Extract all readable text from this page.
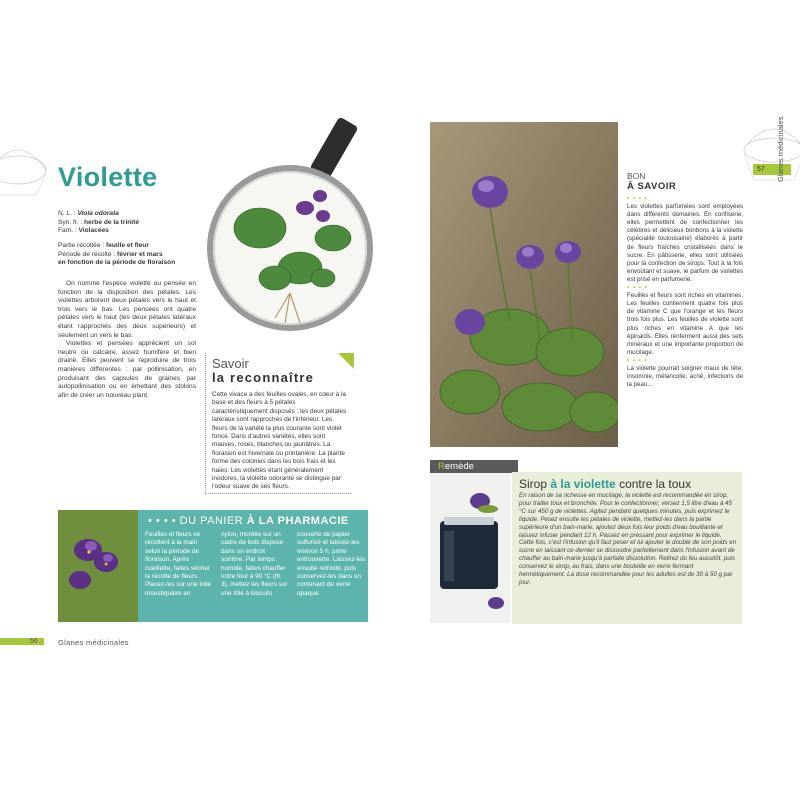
Violette
N. L. : Viola odorata
Syn. fr. : herbe de la trinité
Fam. : Violacées
Partie récoltée : feuille et fleur
Période de récolte : février et mars
en fonction de la période de floraison

On nomme l'espèce violette ou pensée en fonction de la disposition des pétales. Les violettes arborent deux pétales vers le haut et trois vers le bas. Les pensées ont quatre pétales vers le haut (les deux pétales latéraux étant rapprochés des deux supérieurs) et seulement un vers le bas.

Violettes et pensées apprécient un sol neutre ou calcaire, assez humifère et bien drainé. Elles peuvent se reproduire de trois manières différentes : par pollinisation, en produisant des capsules de graines par autopollinisation ou en émettant des stolons afin de créer un nouveau plant.

Savoir
la reconnaître
Cette vivace a des feuilles ovales, en cœur à la base et des fleurs à 5 pétales caractéristiquement disposés : les deux pétales latéraux sont rapprochés de l'inférieur. Les fleurs de la variété la plus courante sont violet foncé. Dans d'autres variétés, elles sont mauves, roses, blanches ou jaunâtres. La floraison est hivernale ou printanière. La plante forme des colonies dans les bois frais et les haies. Les violettes étant généralement inodores, la violette odorante se distingue par l'odeur suave de ses fleurs.
• • • • DU PANIER À LA PHARMACIE
Feuilles et fleurs se récoltent à la main selon la période de floraison. Après cueillette, faites sécher la récolte de fleurs. Placez-les sur une toile moustiquaire en
nylon, montée sur un cadre de bois disposé dans un endroit sombre. Par temps humide, faites chauffer votre four à 90 °C (th. 3), mettez les fleurs sur une tôle à biscuits
couverte de papier sulfurisé et laissez-les environ 5 h, porte entrouverte. Laissez-les ensuite refroidir, puis conservez-les dans un contenant de verre opaque.
56	Glanes médicinales
BON
À SAVOIR
• • • •
Les violettes parfumées sont employées dans différents domaines. En confiserie, elles permettent de confectionner les célèbres et délicieux bonbons à la violette (spécialité toulousaine) élaborés à partir de fleurs fraîches cristallisées dans le sucre. En pâtisserie, elles sont utilisées pour la confection de sirops. Tout à la fois envoûtant et suave, le parfum de violettes est prisé en parfumerie.
• • • •
Feuilles et fleurs sont riches en vitamines. Les feuilles contiennent quatre fois plus de vitamine C que l'orange et les fleurs trois fois plus. Les feuilles de violette sont plus riches en vitamine A que les épinards. Elles renferment aussi des sels minéraux et une importante proportion de mucilage.
• • • •
La violette pourrait soigner maux de tête, insomnie, mélancolie, acné, infections de la peau...
Remède
Sirop à la violette contre la toux
En raison de sa richesse en mucilage, la violette est recommandée en sirop, pour traiter toux et bronchite. Pour le confectionner, versez 1,5 litre d'eau à 45 °C sur 450 g de violettes. Agitez pendant quelques minutes, puis exprimez le liquide. Pesez ensuite les pétales de violette, mettez-les dans la partie supérieure d'un bain-marie, ajoutez deux fois leur poids d'eau bouillante et laissez infuser pendant 12 h. Passez en pressant pour exprimer le liquide. Cette fois, c'est l'infusion qu'il faut peser et lui ajouter le double de son poids en sucre en laissant ce dernier se dissoudre partiellement dans l'infusion avant de chauffer au bain-marie jusqu'à parfaite dissolution. Retirez du feu aussitôt, puis conservez le sirop, au frais, dans une bouteille en verre fermant hermétiquement. La dose recommandée pour les adultes est de 30 à 50 g par jour.
57	Glanes médicinales
